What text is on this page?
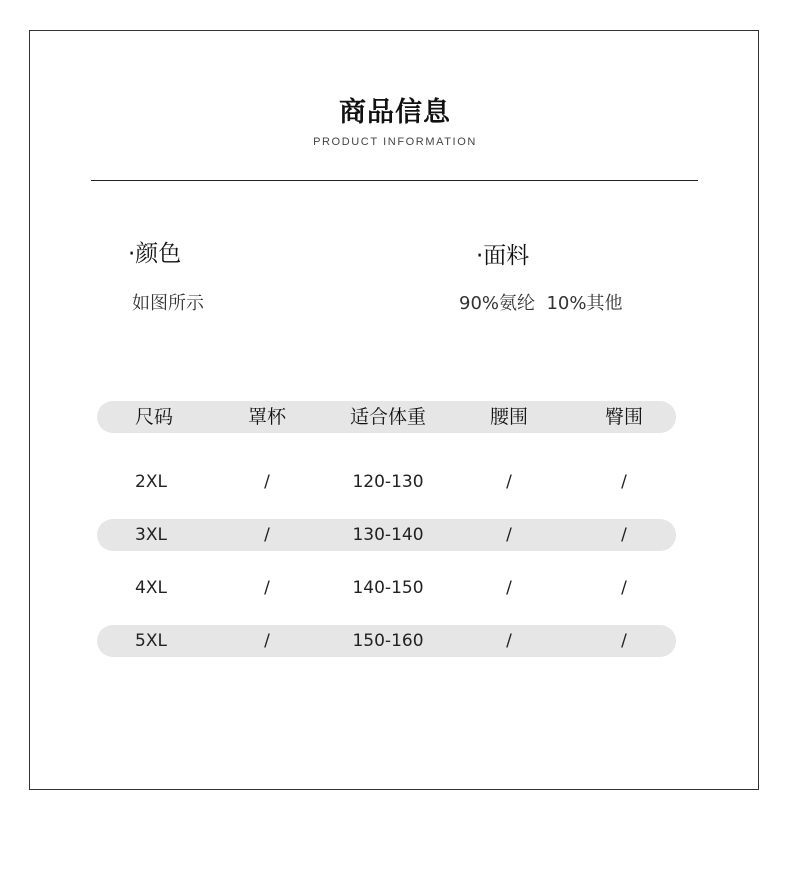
商品信息
PRODUCT INFORMATION
·颜色
如图所示
·面料
90%氨纶  10%其他
尺码	罩杯	适合体重	腰围	臀围
2XL	/	120-130	/	/
3XL	/	130-140	/	/
4XL	/	140-150	/	/
5XL	/	150-160	/	/
